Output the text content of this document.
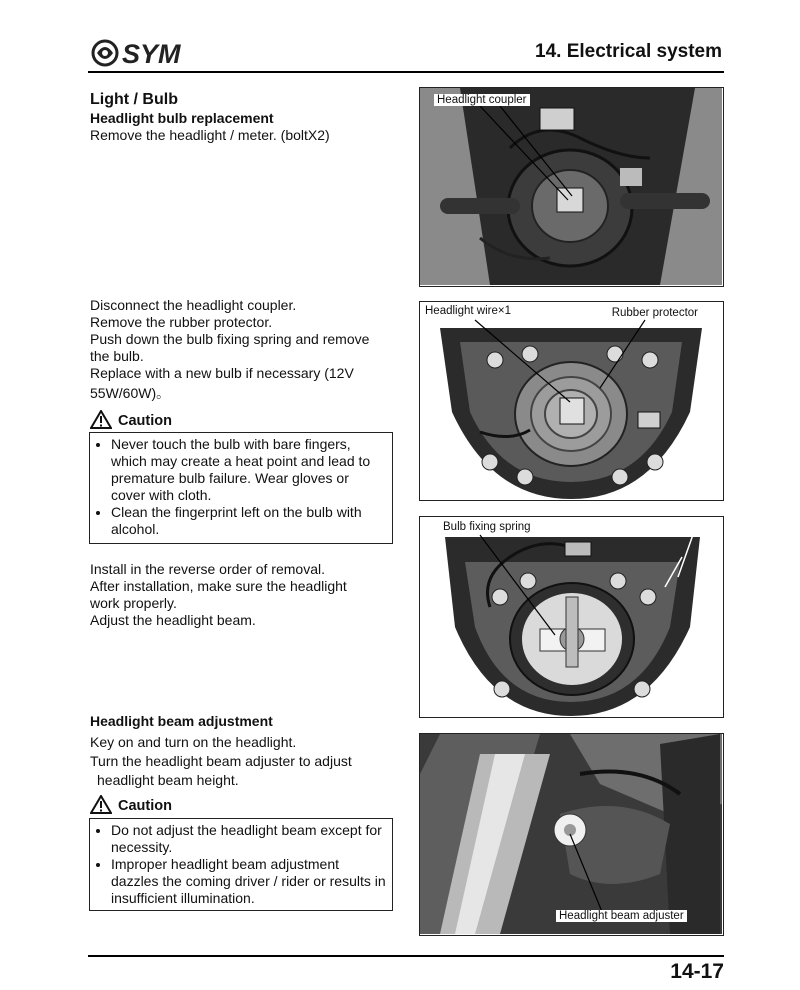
SYM	14. Electrical system
Light / Bulb
Headlight bulb replacement
Remove the headlight / meter. (boltX2)
Disconnect the headlight coupler.
Remove the rubber protector.
Push down the bulb fixing spring and remove
the bulb.
Replace with a new bulb if necessary (12V
55W/60W)。
Caution
• Never touch the bulb with bare fingers, which may create a heat point and lead to premature bulb failure. Wear gloves or cover with cloth.
• Clean the fingerprint left on the bulb with alcohol.
Install in the reverse order of removal.
After installation, make sure the headlight
work properly.
Adjust the headlight beam.
Headlight beam adjustment
Key on and turn on the headlight.
Turn the headlight beam adjuster to adjust
headlight beam height.
Caution
• Do not adjust the headlight beam except for necessity.
• Improper headlight beam adjustment dazzles the coming driver / rider or results in insufficient illumination.
Headlight coupler
Headlight wire×1	Rubber protector
Bulb fixing spring
Headlight beam adjuster
14-17
